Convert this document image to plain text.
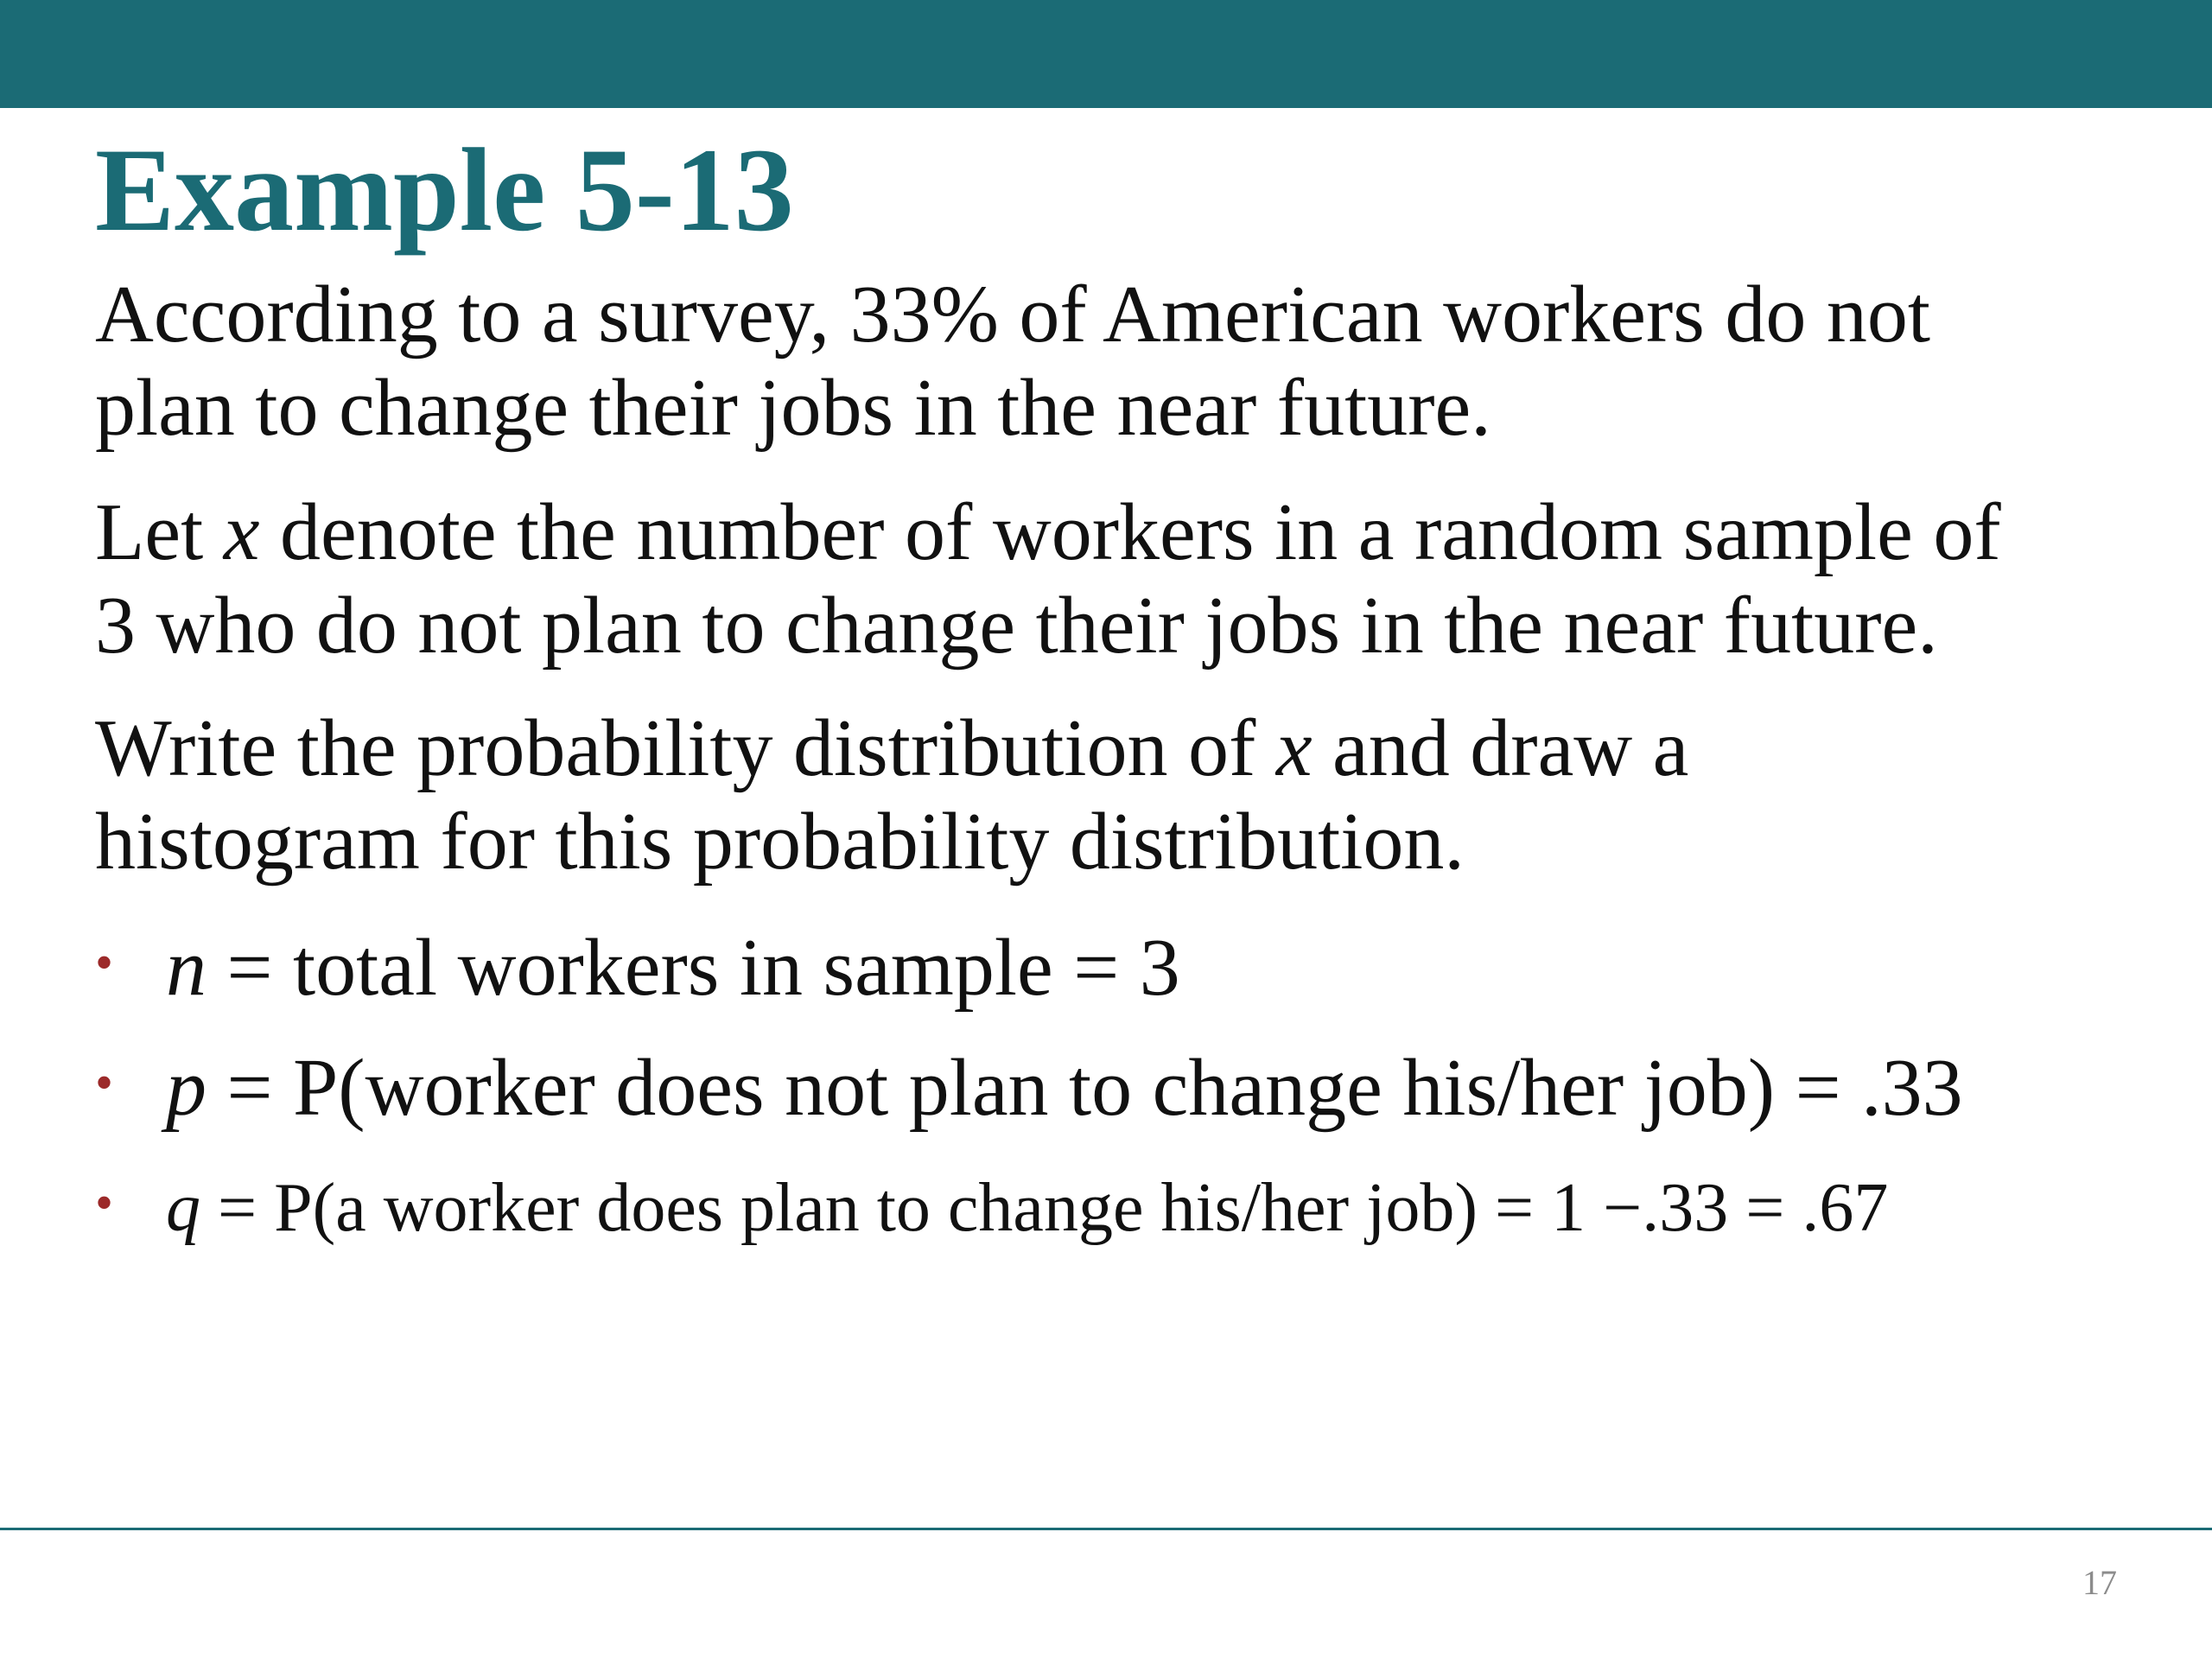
Example 5-13

According to a survey, 33% of American workers do not
plan to change their jobs in the near future.

Let x denote the number of workers in a random sample of
3 who do not plan to change their jobs in the near future.

Write the probability distribution of x and draw a
histogram for this probability distribution.

• n = total workers in sample = 3
• p = P(worker does not plan to change his/her job) = .33
• q = P(a worker does plan to change his/her job) = 1 −.33 = .67
17
